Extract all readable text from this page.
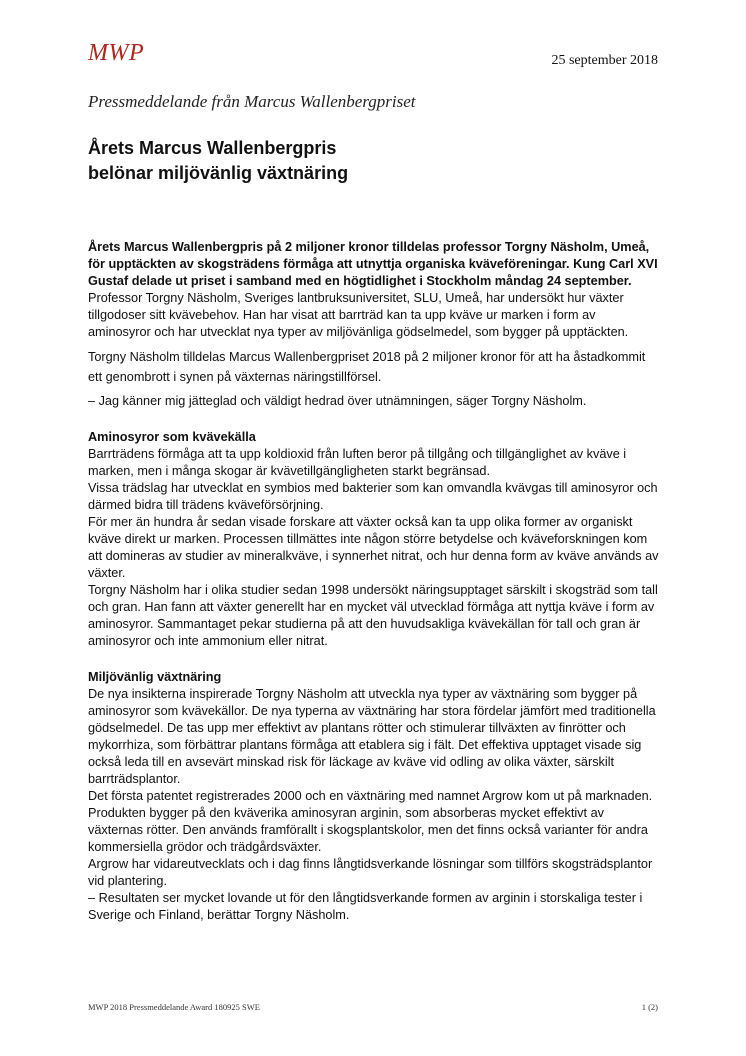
MWP	25 september 2018
Pressmeddelande från Marcus Wallenbergpriset
Årets Marcus Wallenbergpris
belönar miljövänlig växtnäring

Årets Marcus Wallenbergpris på 2 miljoner kronor tilldelas professor Torgny Näsholm, Umeå, för upptäckten av skogsträdens förmåga att utnyttja organiska kväveföreningar. Kung Carl XVI Gustaf delade ut priset i samband med en högtidlighet i Stockholm måndag 24 september.

Professor Torgny Näsholm, Sveriges lantbruksuniversitet, SLU, Umeå, har undersökt hur växter tillgodoser sitt kvävebehov. Han har visat att barrträd kan ta upp kväve ur marken i form av aminosyror och har utvecklat nya typer av miljövänliga gödselmedel, som bygger på upptäckten.

Torgny Näsholm tilldelas Marcus Wallenbergpriset 2018 på 2 miljoner kronor för att ha åstadkommit ett genombrott i synen på växternas näringstillförsel.

– Jag känner mig jätteglad och väldigt hedrad över utnämningen, säger Torgny Näsholm.

Aminosyror som kvävekälla

Barrträdens förmåga att ta upp koldioxid från luften beror på tillgång och tillgänglighet av kväve i marken, men i många skogar är kvävetillgängligheten starkt begränsad.

Vissa trädslag har utvecklat en symbios med bakterier som kan omvandla kvävgas till aminosyror och därmed bidra till trädens kväveförsörjning.

För mer än hundra år sedan visade forskare att växter också kan ta upp olika former av organiskt kväve direkt ur marken. Processen tillmättes inte någon större betydelse och kväveforskningen kom att domineras av studier av mineralkväve, i synnerhet nitrat, och hur denna form av kväve används av växter.

Torgny Näsholm har i olika studier sedan 1998 undersökt näringsupptaget särskilt i skogsträd som tall och gran. Han fann att växter generellt har en mycket väl utvecklad förmåga att nyttja kväve i form av aminosyror. Sammantaget pekar studierna på att den huvudsakliga kvävekällan för tall och gran är aminosyror och inte ammonium eller nitrat.

Miljövänlig växtnäring

De nya insikterna inspirerade Torgny Näsholm att utveckla nya typer av växtnäring som bygger på aminosyror som kvävekällor. De nya typerna av växtnäring har stora fördelar jämfört med traditionella gödselmedel. De tas upp mer effektivt av plantans rötter och stimulerar tillväxten av finrötter och mykorrhiza, som förbättrar plantans förmåga att etablera sig i fält. Det effektiva upptaget visade sig också leda till en avsevärt minskad risk för läckage av kväve vid odling av olika växter, särskilt barrträdsplantor.

Det första patentet registrerades 2000 och en växtnäring med namnet Argrow kom ut på marknaden. Produkten bygger på den kväverika aminosyran arginin, som absorberas mycket effektivt av växternas rötter. Den används framförallt i skogsplantskolor, men det finns också varianter för andra kommersiella grödor och trädgårdsväxter.

Argrow har vidareutvecklats och i dag finns långtidsverkande lösningar som tillförs skogsträdsplantor vid plantering.

– Resultaten ser mycket lovande ut för den långtidsverkande formen av arginin i storskaliga tester i Sverige och Finland, berättar Torgny Näsholm.

MWP 2018 Pressmeddelande Award 180925 SWE	1 (2)
